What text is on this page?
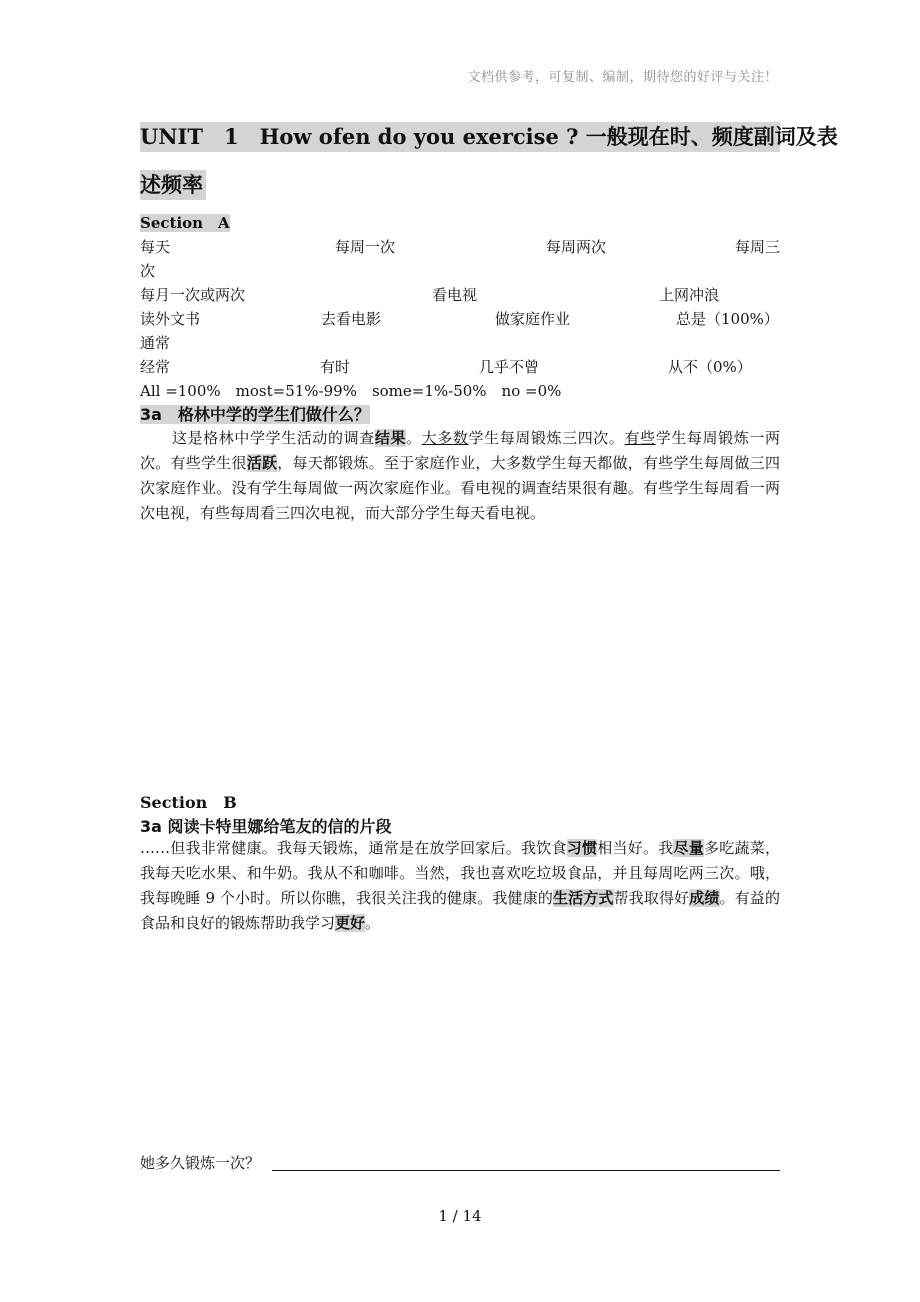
文档供参考，可复制、编制，期待您的好评与关注！
UNIT　1　How ofen do you exercise ? 一般现在时、频度副词及表
述频率
Section　A
每天	每周一次	每周两次	每周三
次
每月一次或两次	看电视	上网冲浪
读外文书	去看电影	做家庭作业	总是（100%）
通常
经常	有时	几乎不曾	从不（0%）
All =100%　most=51%-99%　some=1%-50%　no =0%
3a　格林中学的学生们做什么？
这是格林中学学生活动的调查结果。大多数学生每周锻炼三四次。有些学生每周锻炼一两次。有些学生很活跃，每天都锻炼。至于家庭作业，大多数学生每天都做，有些学生每周做三四次家庭作业。没有学生每周做一两次家庭作业。看电视的调查结果很有趣。有些学生每周看一两次电视，有些每周看三四次电视，而大部分学生每天看电视。
Section　B
3a 阅读卡特里娜给笔友的信的片段
……但我非常健康。我每天锻炼，通常是在放学回家后。我饮食习惯相当好。我尽量多吃蔬菜，我每天吃水果、和牛奶。我从不和咖啡。当然，我也喜欢吃垃圾食品，并且每周吃两三次。哦，我每晚睡 9 个小时。所以你瞧，我很关注我的健康。我健康的生活方式帮我取得好成绩。有益的食品和良好的锻炼帮助我学习更好。
她多久锻炼一次？
1 / 14
